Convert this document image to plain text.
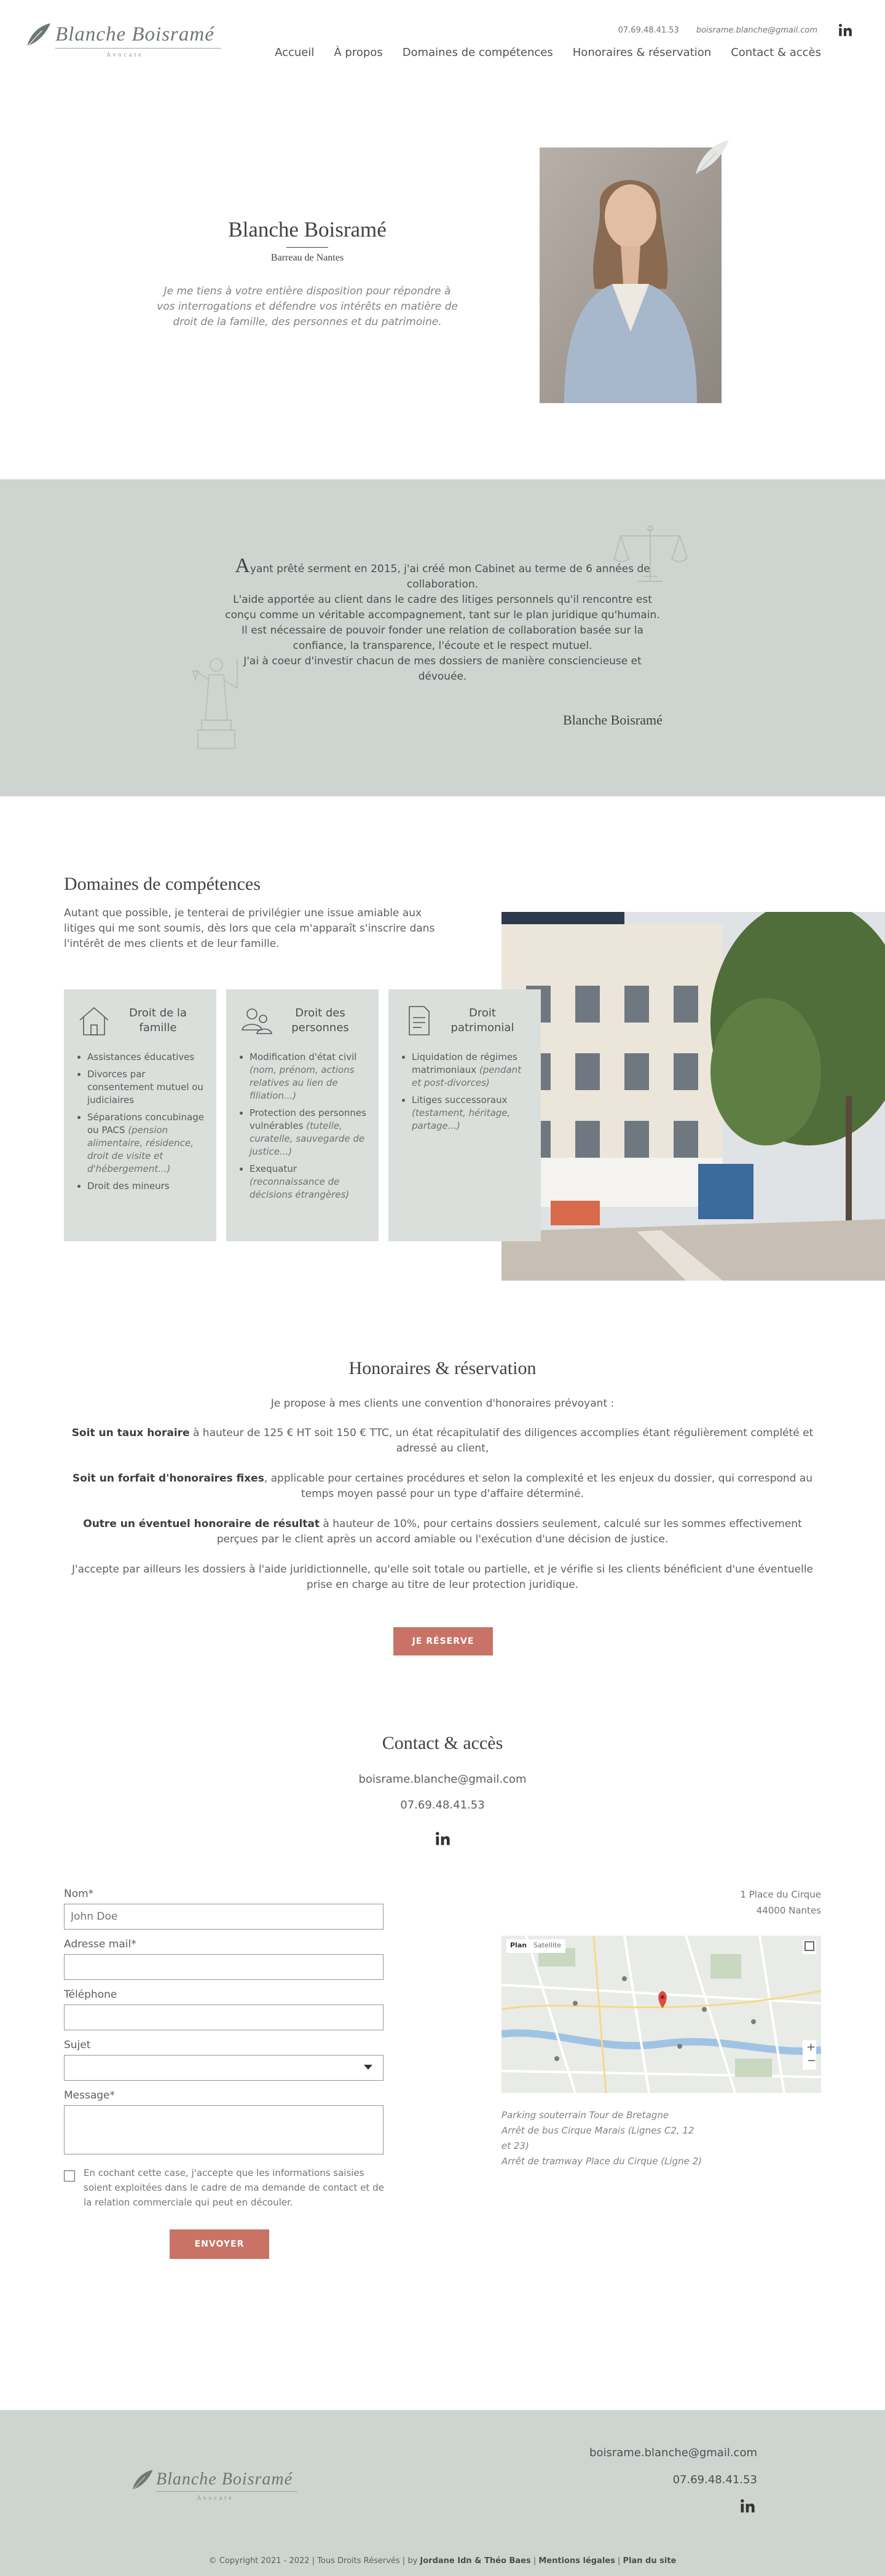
Blanche Boisramé
Avocate
07.69.48.41.53 boisrame.blanche@gmail.com
Accueil À propos Domaines de compétences Honoraires & réservation Contact & accès
Blanche Boisramé
Barreau de Nantes
Je me tiens à votre entière disposition pour répondre à vos interrogations et défendre vos intérêts en matière de droit de la famille, des personnes et du patrimoine.
Ayant prêté serment en 2015, j'ai créé mon Cabinet au terme de 6 années de collaboration.
L'aide apportée au client dans le cadre des litiges personnels qu'il rencontre est conçu comme un véritable accompagnement, tant sur le plan juridique qu'humain.
Il est nécessaire de pouvoir fonder une relation de collaboration basée sur la confiance, la transparence, l'écoute et le respect mutuel.
J'ai à coeur d'investir chacun de mes dossiers de manière consciencieuse et dévouée.
Blanche Boisramé
Domaines de compétences
Autant que possible, je tenterai de privilégier une issue amiable aux litiges qui me sont soumis, dès lors que cela m'apparaît s'inscrire dans l'intérêt de mes clients et de leur famille.
Droit de la famille
• Assistances éducatives
• Divorces par consentement mutuel ou judiciaires
• Séparations concubinage ou PACS (pension alimentaire, résidence, droit de visite et d'hébergement...)
• Droit des mineurs
Droit des personnes
• Modification d'état civil (nom, prénom, actions relatives au lien de filiation...)
• Protection des personnes vulnérables (tutelle, curatelle, sauvegarde de justice...)
• Exequatur (reconnaissance de décisions étrangères)
Droit patrimonial
• Liquidation de régimes matrimoniaux (pendant et post-divorces)
• Litiges successoraux (testament, héritage, partage...)
Honoraires & réservation
Je propose à mes clients une convention d'honoraires prévoyant :
Soit un taux horaire à hauteur de 125 € HT soit 150 € TTC, un état récapitulatif des diligences accomplies étant régulièrement complété et adressé au client,
Soit un forfait d'honoraires fixes, applicable pour certaines procédures et selon la complexité et les enjeux du dossier, qui correspond au temps moyen passé pour un type d'affaire déterminé.
Outre un éventuel honoraire de résultat à hauteur de 10%, pour certains dossiers seulement, calculé sur les sommes effectivement perçues par le client après un accord amiable ou l'exécution d'une décision de justice.
J'accepte par ailleurs les dossiers à l'aide juridictionnelle, qu'elle soit totale ou partielle, et je vérifie si les clients bénéficient d'une éventuelle prise en charge au titre de leur protection juridique.
JE RÉSERVE
Contact & accès
boisrame.blanche@gmail.com
07.69.48.41.53
Nom*
John Doe
Adresse mail*
Téléphone
Sujet
Message*
En cochant cette case, j'accepte que les informations saisies soient exploitées dans le cadre de ma demande de contact et de la relation commerciale qui peut en découler.
ENVOYER
1 Place du Cirque
44000 Nantes
Plan Satellite
+
−
Parking souterrain Tour de Bretagne
Arrêt de bus Cirque Marais (Lignes C2, 12 et 23)
Arrêt de tramway Place du Cirque (Ligne 2)
Blanche Boisramé
Avocate
boisrame.blanche@gmail.com
07.69.48.41.53
© Copyright 2021 - 2022 | Tous Droits Réservés | by Jordane Idn & Théo Baes | Mentions légales | Plan du site
